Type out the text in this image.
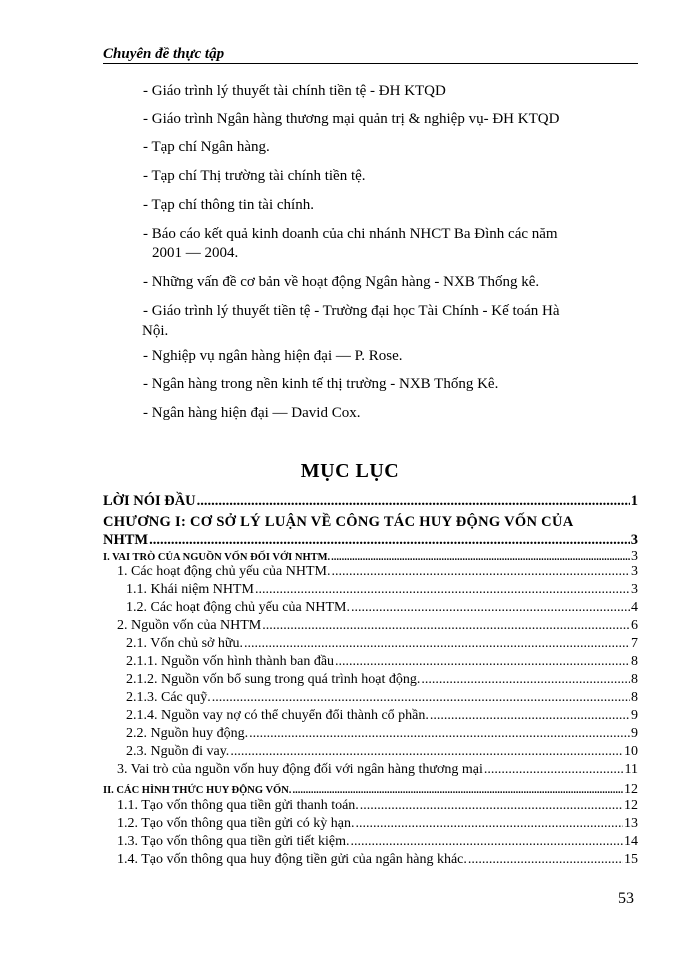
Chuyên đề thực tập
- Giáo trình lý thuyết tài chính tiền tệ - ĐH KTQD
- Giáo trình Ngân hàng thương mại quản trị & nghiệp vụ- ĐH KTQD
- Tạp chí Ngân hàng.
- Tạp chí Thị trường tài chính tiền tệ.
- Tạp chí thông tin tài chính.
- Báo cáo kết quả kinh doanh của chi nhánh NHCT Ba Đình các năm
2001 — 2004.
- Những vấn đề cơ bản về hoạt động Ngân hàng - NXB Thống kê.
- Giáo trình lý thuyết tiền tệ - Trường đại học Tài Chính - Kế toán Hà
Nội.
- Nghiệp vụ ngân hàng hiện đại — P. Rose.
- Ngân hàng trong nền kinh tế thị trường - NXB Thống Kê.
- Ngân hàng hiện đại — David Cox.
MỤC LỤC
LỜI NÓI ĐẦU .....	1
CHƯƠNG I: CƠ SỞ LÝ LUẬN VỀ CÔNG TÁC HUY ĐỘNG VỐN CỦA
NHTM .....	3
I. VAI TRÒ CỦA NGUỒN VỐN ĐỐI VỚI NHTM. .....	3
1. Các hoạt động chủ yếu của NHTM. .....	3
1.1. Khái niệm NHTM .....	3
1.2. Các hoạt động chủ yếu của NHTM. .....	4
2. Nguồn vốn của NHTM .....	6
2.1. Vốn chủ sở hữu. .....	7
2.1.1. Nguồn vốn hình thành ban đầu .....	8
2.1.2. Nguồn vốn bổ sung trong quá trình hoạt động. .....	8
2.1.3. Các quỹ. .....	8
2.1.4. Nguồn vay nợ có thể chuyển đổi thành cổ phần. .....	9
2.2. Nguồn huy động. .....	9
2.3. Nguồn đi vay. .....	10
3. Vai trò của nguồn vốn huy động đối với ngân hàng thương mại .....	11
II. CÁC HÌNH THỨC HUY ĐỘNG VỐN. .....	12
1.1. Tạo vốn thông qua tiền gửi thanh toán. .....	12
1.2. Tạo vốn thông qua tiền gửi có kỳ hạn. .....	13
1.3. Tạo vốn thông qua tiền gửi tiết kiệm. .....	14
1.4. Tạo vốn thông qua huy động tiền gửi của ngân hàng khác. .....	15
53
